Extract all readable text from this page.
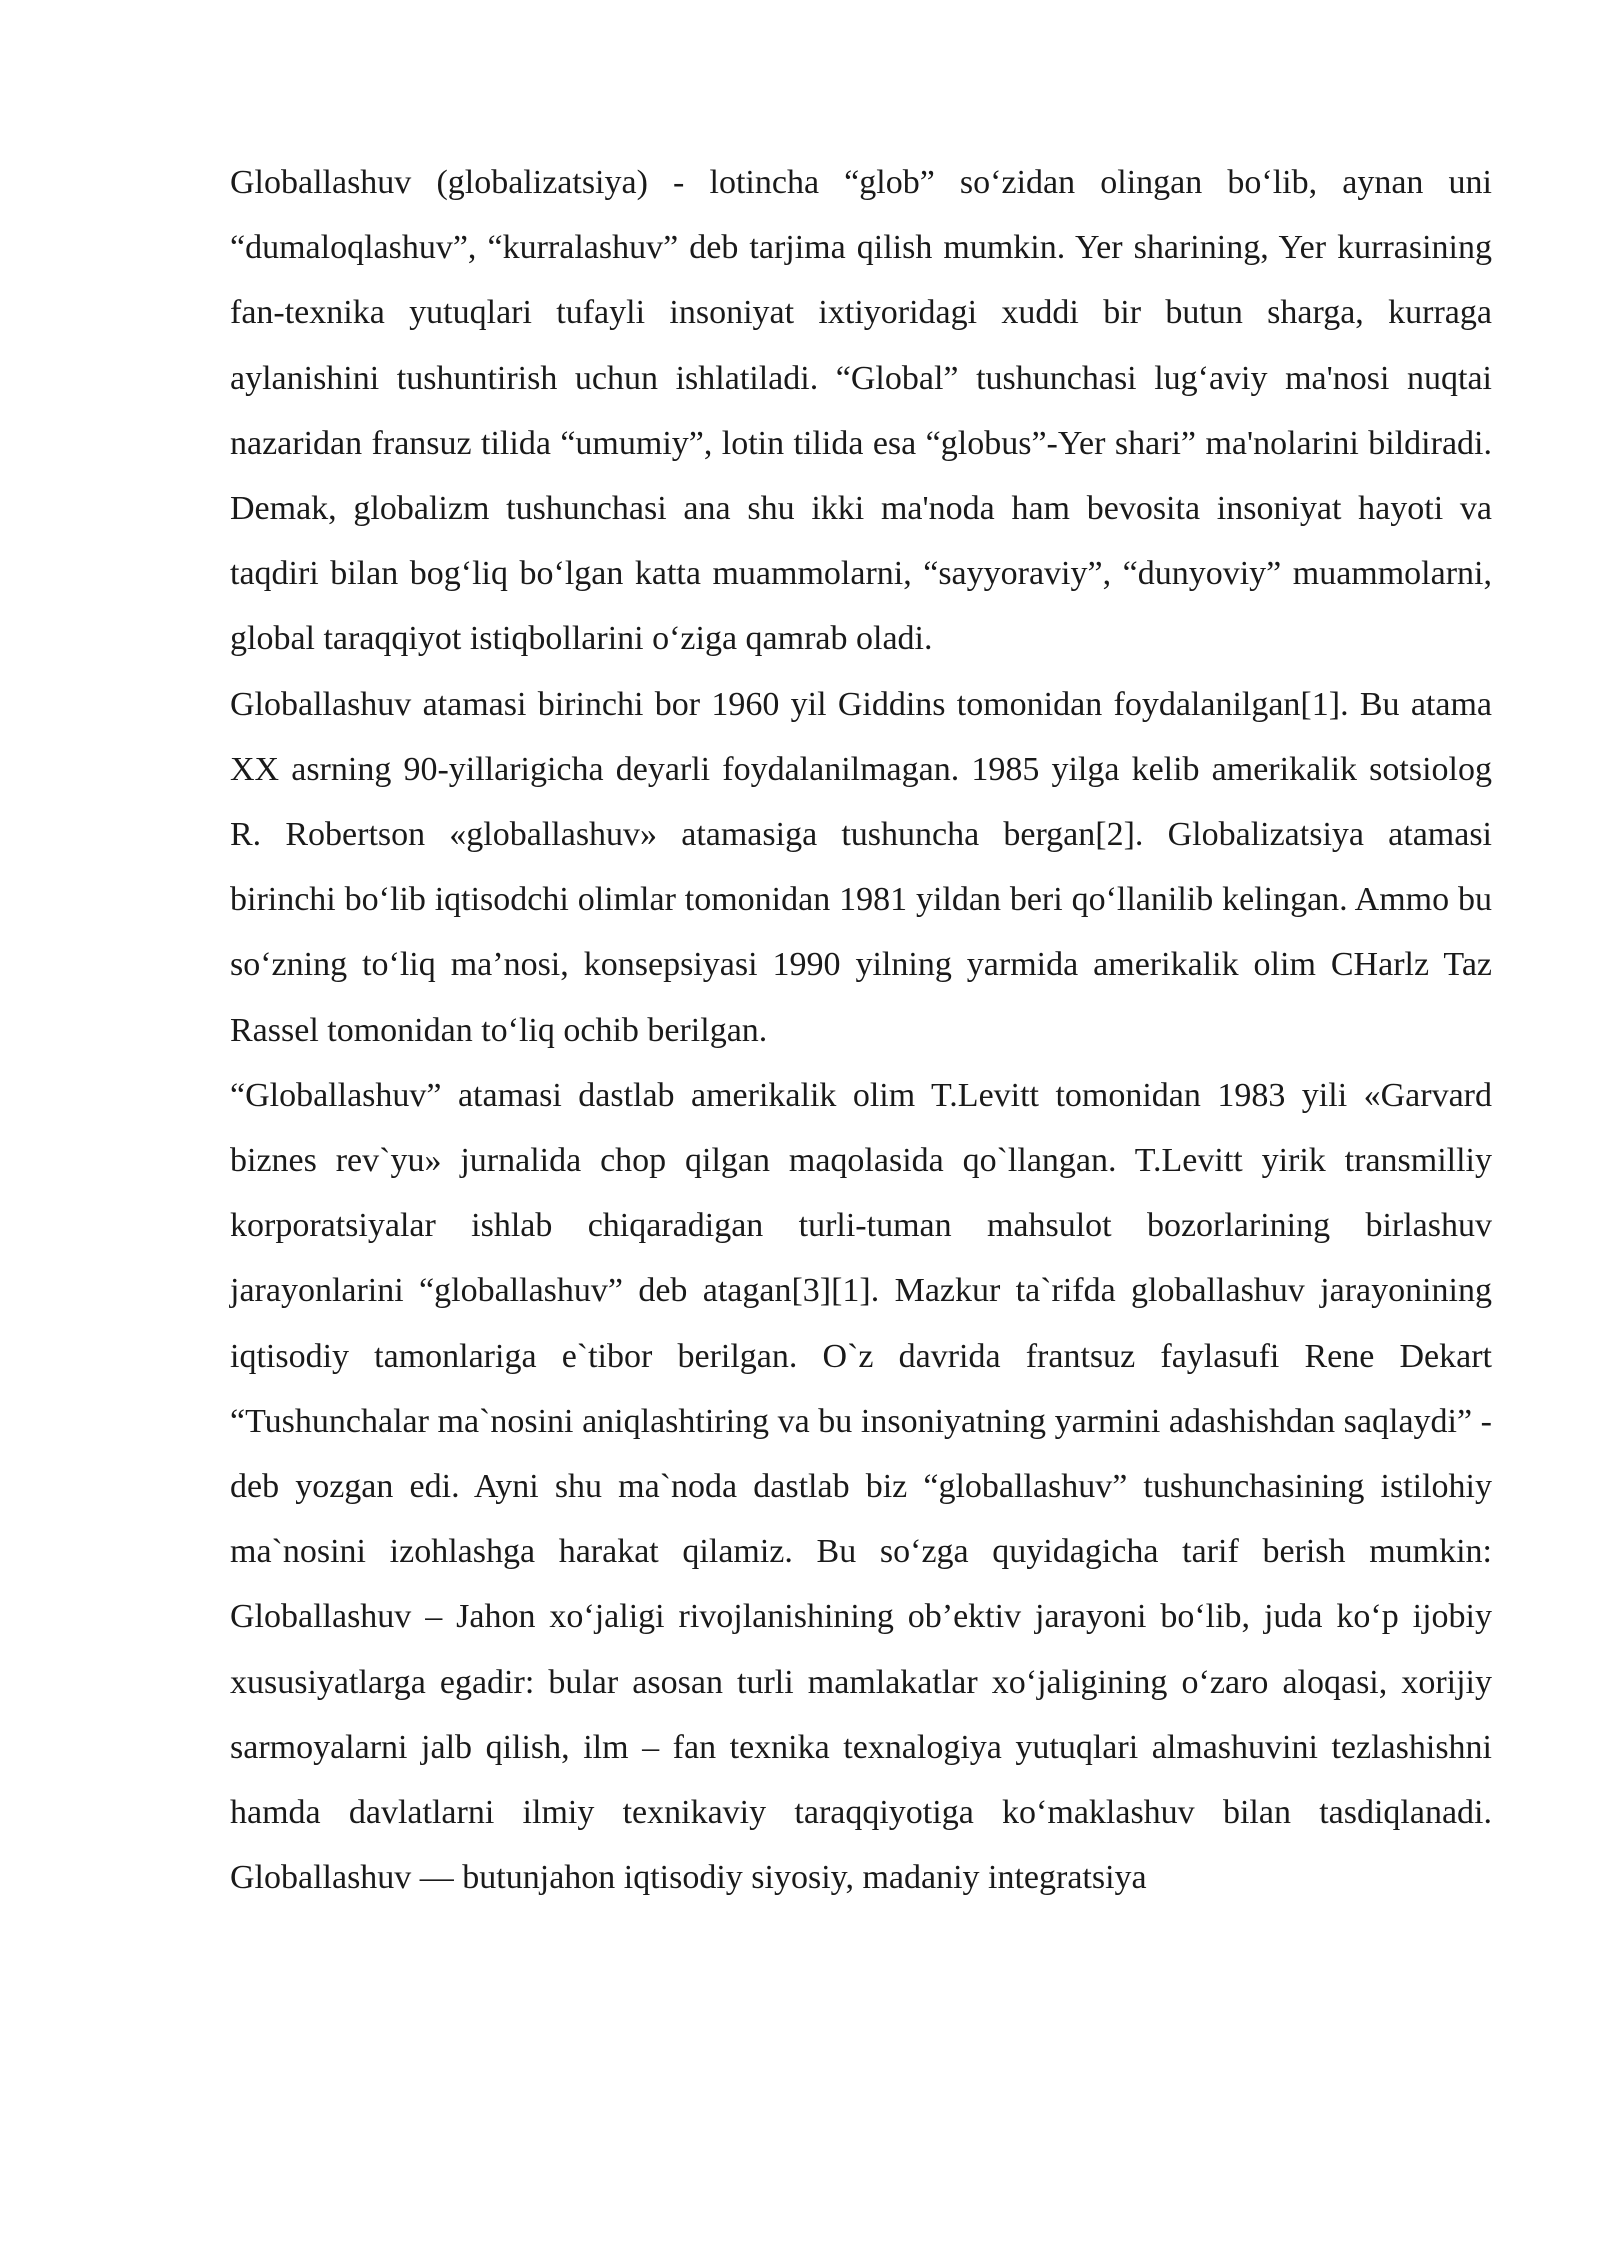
Globallashuv (globalizatsiya) - lotincha “glob” so‘zidan olingan bo‘lib, aynan uni “dumaloqlashuv”, “kurralashuv” deb tarjima qilish mumkin. Yer sharining, Yer kurrasining fan-texnika yutuqlari tufayli insoniyat ixtiyoridagi xuddi bir butun sharga, kurraga aylanishini tushuntirish uchun ishlatiladi. “Global” tushunchasi lug‘aviy ma'nosi nuqtai nazaridan fransuz tilida “umumiy”, lotin tilida esa “globus”-Yer shari” ma'nolarini bildiradi. Demak, globalizm tushunchasi ana shu ikki ma'noda ham bevosita insoniyat hayoti va taqdiri bilan bog‘liq bo‘lgan katta muammolarni, “sayyoraviy”, “dunyoviy” muammolarni, global taraqqiyot istiqbollarini o‘ziga qamrab oladi.

Globallashuv atamasi birinchi bor 1960 yil Giddins tomonidan foydalanilgan[1]. Bu atama XX asrning 90-yillarigicha deyarli foydalanilmagan. 1985 yilga kelib amerikalik sotsiolog R. Robertson «globallashuv» atamasiga tushuncha bergan[2]. Globalizatsiya atamasi birinchi bo‘lib iqtisodchi olimlar tomonidan 1981 yildan beri qo‘llanilib kelingan. Ammo bu so‘zning to‘liq ma’nosi, konsepsiyasi 1990 yilning yarmida amerikalik olim CHarlz Taz Rassel tomonidan to‘liq ochib berilgan.

“Globallashuv” atamasi dastlab amerikalik olim T.Levitt tomonidan 1983 yili «Garvard biznes rev`yu» jurnalida chop qilgan maqolasida qo`llangan. T.Levitt yirik transmilliy korporatsiyalar ishlab chiqaradigan turli-tuman mahsulot bozorlarining birlashuv jarayonlarini “globallashuv” deb atagan[3][1]. Mazkur ta`rifda globallashuv jarayonining iqtisodiy tamonlariga e`tibor berilgan. O`z davrida frantsuz faylasufi Rene Dekart “Tushunchalar ma`nosini aniqlashtiring va bu insoniyatning yarmini adashishdan saqlaydi” - deb yozgan edi. Ayni shu ma`noda dastlab biz “globallashuv” tushunchasining istilohiy ma`nosini izohlashga harakat qilamiz. Bu so‘zga quyidagicha tarif berish mumkin: Globallashuv – Jahon xo‘jaligi rivojlanishining ob’ektiv jarayoni bo‘lib, juda ko‘p ijobiy xususiyatlarga egadir: bular asosan turli mamlakatlar xo‘jaligining o‘zaro aloqasi, xorijiy sarmoyalarni jalb qilish, ilm – fan texnika texnalogiya yutuqlari almashuvini tezlashishni hamda davlatlarni ilmiy texnikaviy taraqqiyotiga ko‘maklashuv bilan tasdiqlanadi. Globallashuv — butunjahon iqtisodiy siyosiy, madaniy integratsiya
